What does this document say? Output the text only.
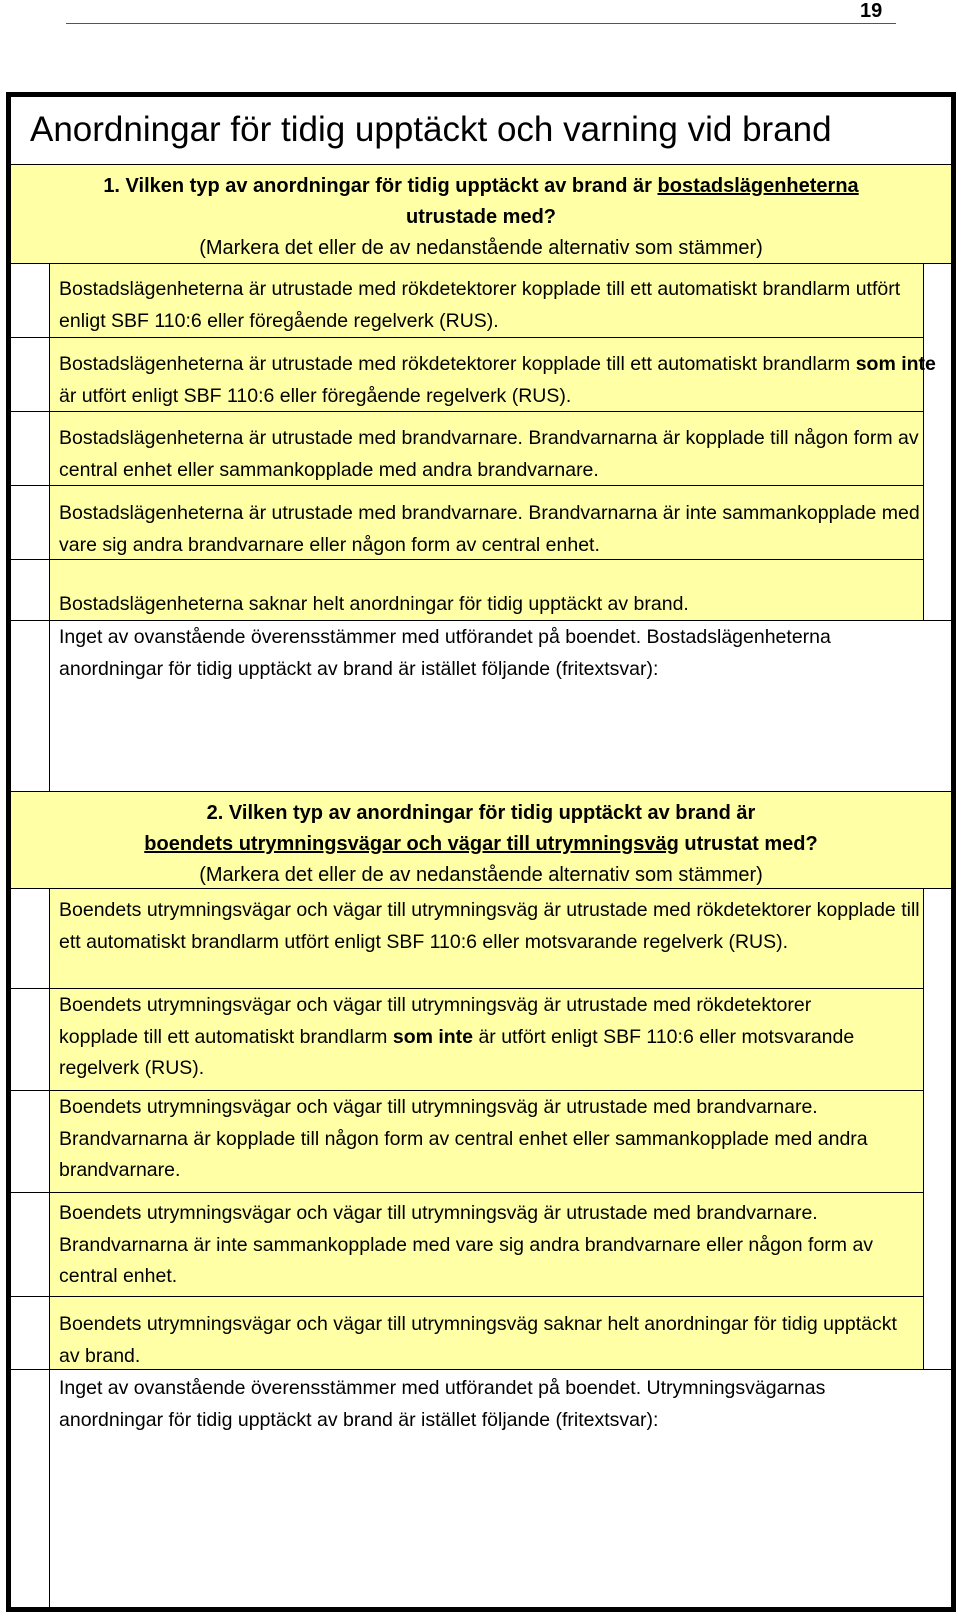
19
Anordningar för tidig upptäckt och varning vid brand
1. Vilken typ av anordningar för tidig upptäckt av brand är bostadslägenheterna
utrustade med?
(Markera det eller de av nedanstående alternativ som stämmer)
Bostadslägenheterna är utrustade med rökdetektorer kopplade till ett automatiskt brandlarm utfört enligt SBF 110:6 eller föregående regelverk (RUS).
Bostadslägenheterna är utrustade med rökdetektorer kopplade till ett automatiskt brandlarm som inte är utfört enligt SBF 110:6 eller föregående regelverk (RUS).
Bostadslägenheterna är utrustade med brandvarnare. Brandvarnarna är kopplade till någon form av central enhet eller sammankopplade med andra brandvarnare.
Bostadslägenheterna är utrustade med brandvarnare. Brandvarnarna är inte sammankopplade med vare sig andra brandvarnare eller någon form av central enhet.
Bostadslägenheterna saknar helt anordningar för tidig upptäckt av brand.
Inget av ovanstående överensstämmer med utförandet på boendet. Bostadslägenheterna anordningar för tidig upptäckt av brand är istället följande (fritextsvar):
2. Vilken typ av anordningar för tidig upptäckt av brand är
boendets utrymningsvägar och vägar till utrymningsväg utrustat med?
(Markera det eller de av nedanstående alternativ som stämmer)
Boendets utrymningsvägar och vägar till utrymningsväg är utrustade med rökdetektorer kopplade till ett automatiskt brandlarm utfört enligt SBF 110:6 eller motsvarande regelverk (RUS).
Boendets utrymningsvägar och vägar till utrymningsväg är utrustade med rökdetektorer kopplade till ett automatiskt brandlarm som inte är utfört enligt SBF 110:6 eller motsvarande regelverk (RUS).
Boendets utrymningsvägar och vägar till utrymningsväg är utrustade med brandvarnare. Brandvarnarna är kopplade till någon form av central enhet eller sammankopplade med andra brandvarnare.
Boendets utrymningsvägar och vägar till utrymningsväg är utrustade med brandvarnare. Brandvarnarna är inte sammankopplade med vare sig andra brandvarnare eller någon form av central enhet.
Boendets utrymningsvägar och vägar till utrymningsväg saknar helt anordningar för tidig upptäckt av brand.
Inget av ovanstående överensstämmer med utförandet på boendet. Utrymningsvägarnas anordningar för tidig upptäckt av brand är istället följande (fritextsvar):
